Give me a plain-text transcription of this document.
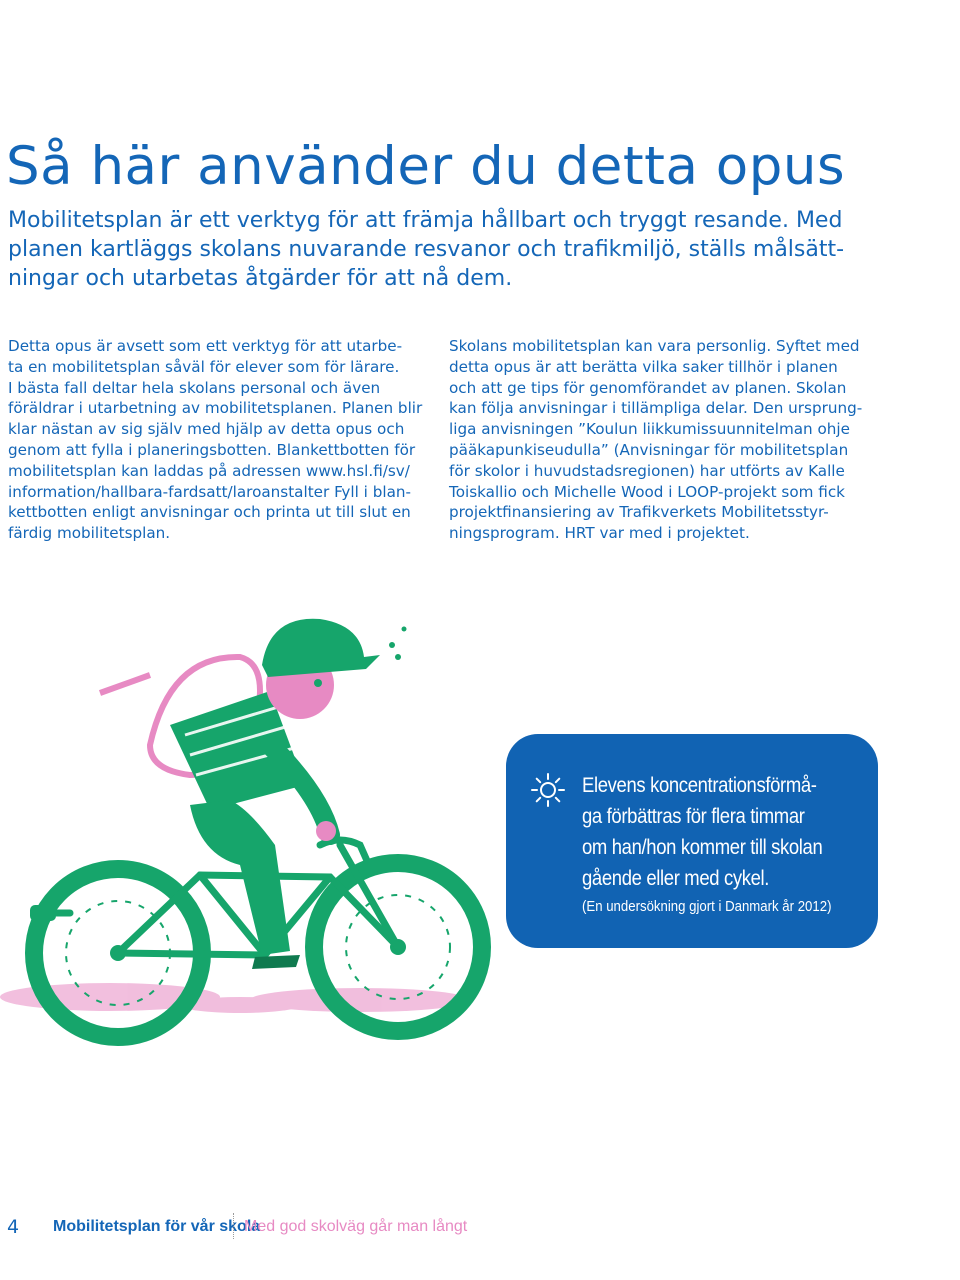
Så här använder du detta opus
Mobilitetsplan är ett verktyg för att främja hållbart och tryggt resande. Med
planen kartläggs skolans nuvarande resvanor och trafikmiljö, ställs målsätt-
ningar och utarbetas åtgärder för att nå dem.
Detta opus är avsett som ett verktyg för att utarbe-
ta en mobilitetsplan såväl för elever som för lärare.
I bästa fall deltar hela skolans personal och även
föräldrar i utarbetning av mobilitetsplanen. Planen blir
klar nästan av sig själv med hjälp av detta opus och
genom att fylla i planeringsbotten. Blankettbotten för
mobilitetsplan kan laddas på adressen www.hsl.fi/sv/
information/hallbara-fardsatt/laroanstalter Fyll i blan-
kettbotten enligt anvisningar och printa ut till slut en
färdig mobilitetsplan.
Skolans mobilitetsplan kan vara personlig. Syftet med
detta opus är att berätta vilka saker tillhör i planen
och att ge tips för genomförandet av planen. Skolan
kan följa anvisningar i tillämpliga delar. Den ursprung-
liga anvisningen ”Koulun liikkumissuunnitelman ohje
pääkapunkiseudulla” (Anvisningar för mobilitetsplan
för skolor i huvudstadsregionen) har utförts av Kalle
Toiskallio och Michelle Wood i LOOP-projekt som fick
projektfinansiering av Trafikverkets Mobilitetsstyr-
ningsprogram. HRT var med i projektet.

Elevens koncentrationsförmå-
ga förbättras för flera timmar
om han/hon kommer till skolan
gående eller med cykel.

(En undersökning gjort i Danmark år 2012)

4 Mobilitetsplan för vår skola
Med god skolväg går man långt
